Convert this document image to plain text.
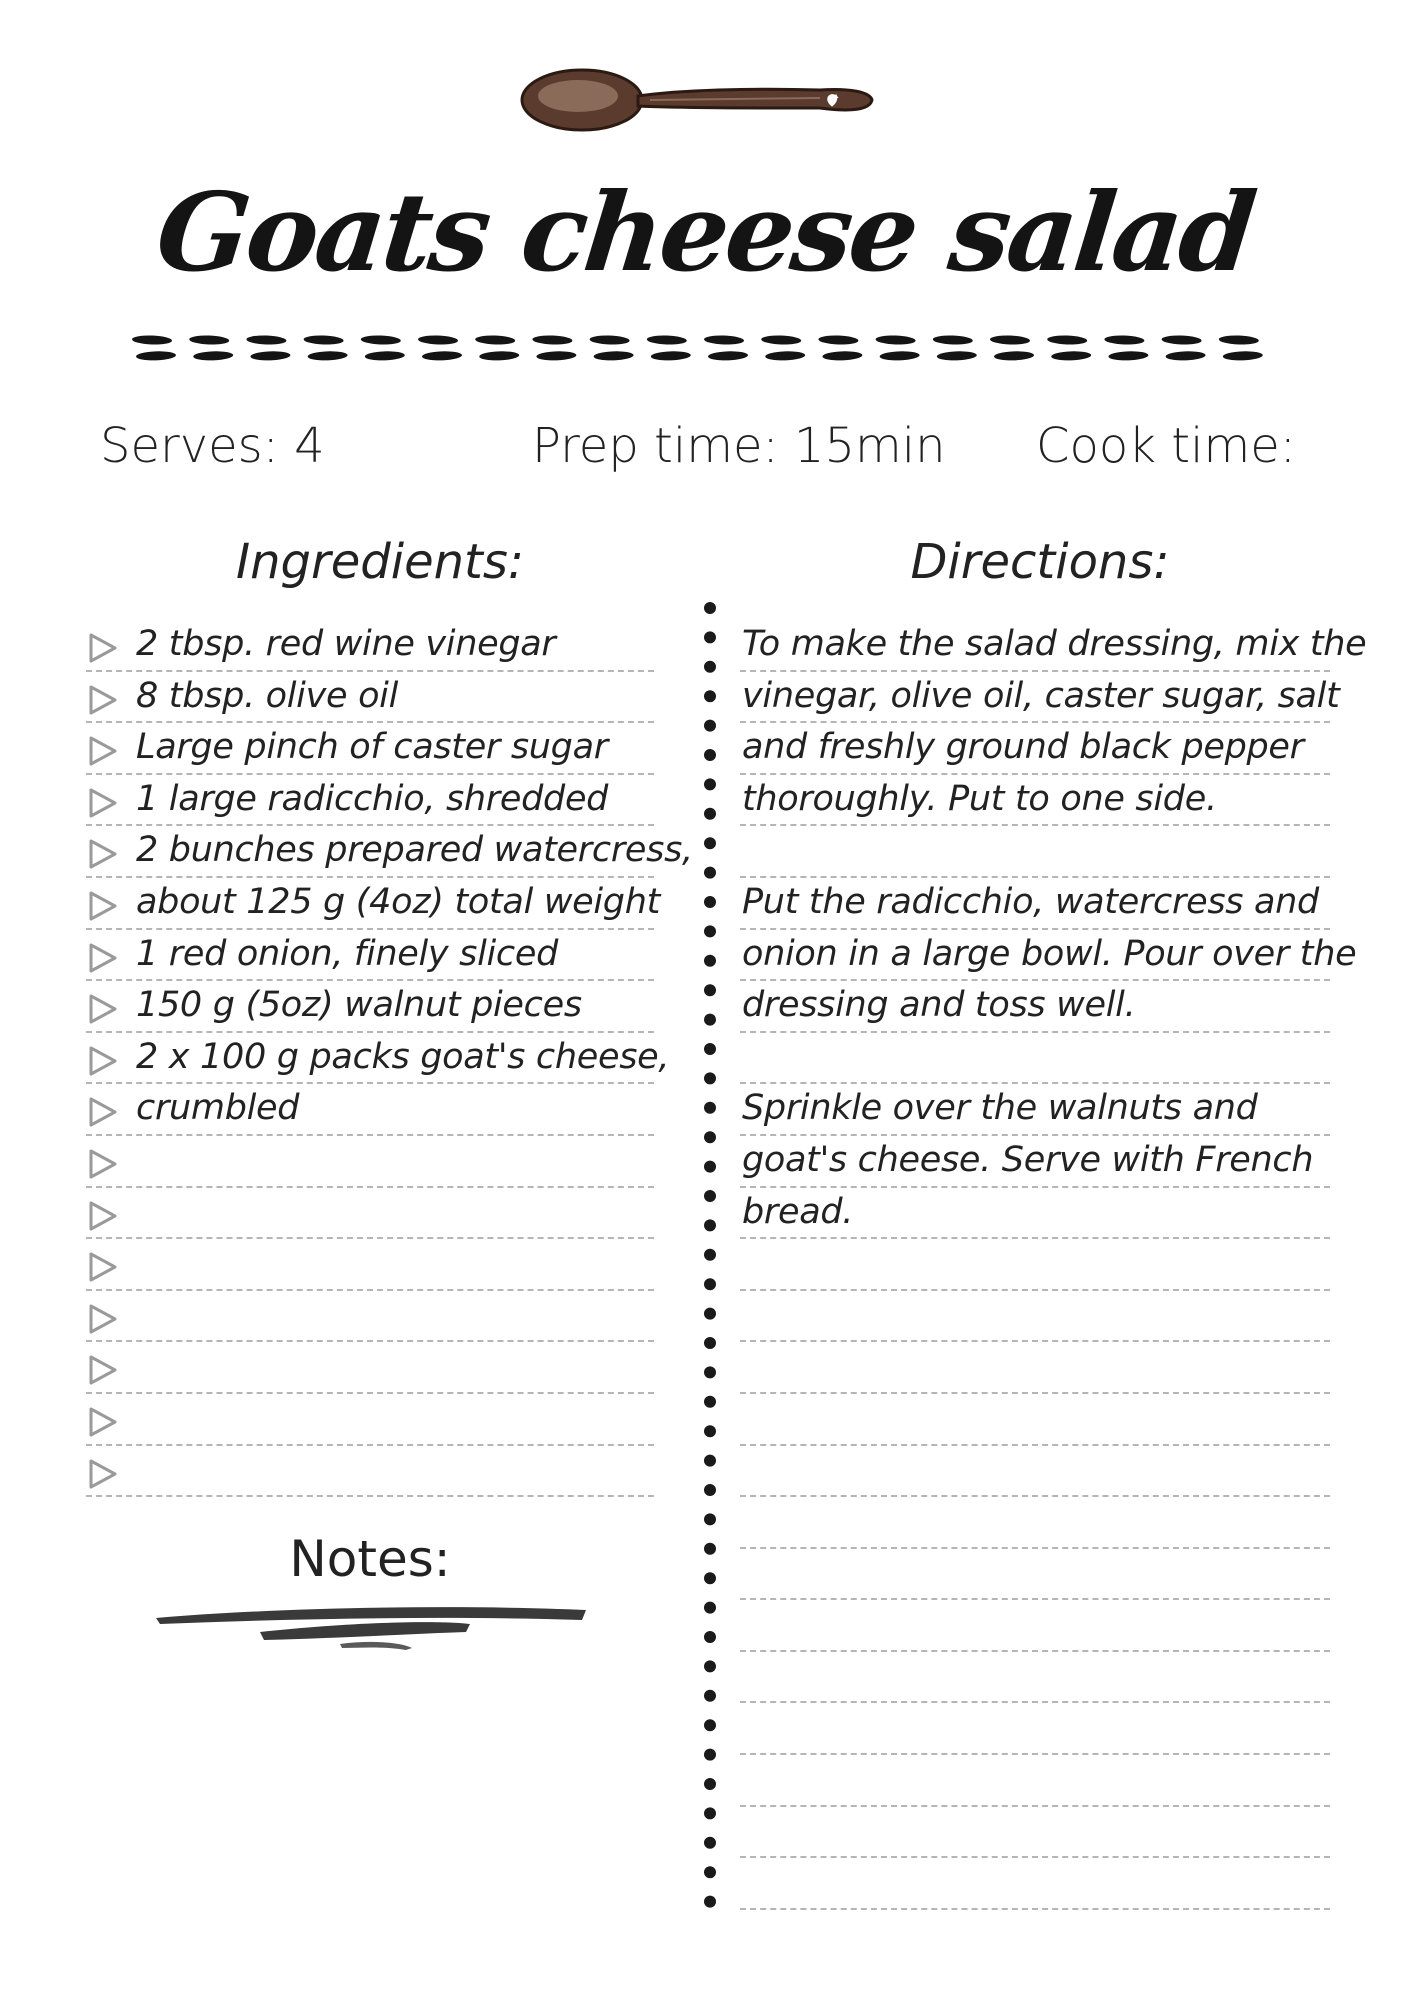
Goats cheese salad
Serves: 4	Prep time: 15min Cook time:
Ingredients:	Directions:
2 tbsp. red wine vinegar
8 tbsp. olive oil
Large pinch of caster sugar
1 large radicchio, shredded
2 bunches prepared watercress,
about 125 g (4oz) total weight
1 red onion, finely sliced
150 g (5oz) walnut pieces
2 x 100 g packs goat's cheese,
crumbled
Notes:
To make the salad dressing, mix the
vinegar, olive oil, caster sugar, salt
and freshly ground black pepper
thoroughly. Put to one side.
Put the radicchio, watercress and
onion in a large bowl. Pour over the
dressing and toss well.
Sprinkle over the walnuts and
goat's cheese. Serve with French
bread.
